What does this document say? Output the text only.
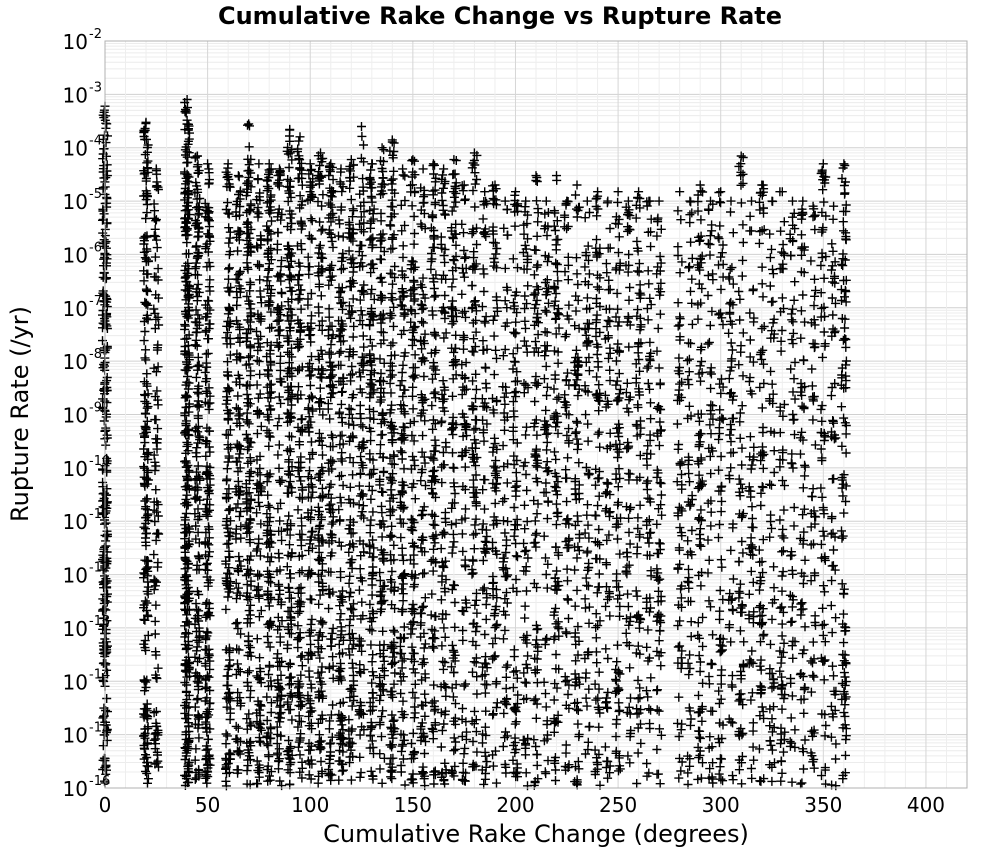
Cumulative Rake Change vs Rupture Rate
0	50	100	150	200	250	300	350	400
10 -2
10 -3
10 -4
10 -5
10 -6
10 -7
10 -8
10 -9
10 -10
10 -11
10 -12
10 -13
10 -14
10 -15
10 -16
Cumulative Rake Change (degrees)
Rupture Rate (/yr)
